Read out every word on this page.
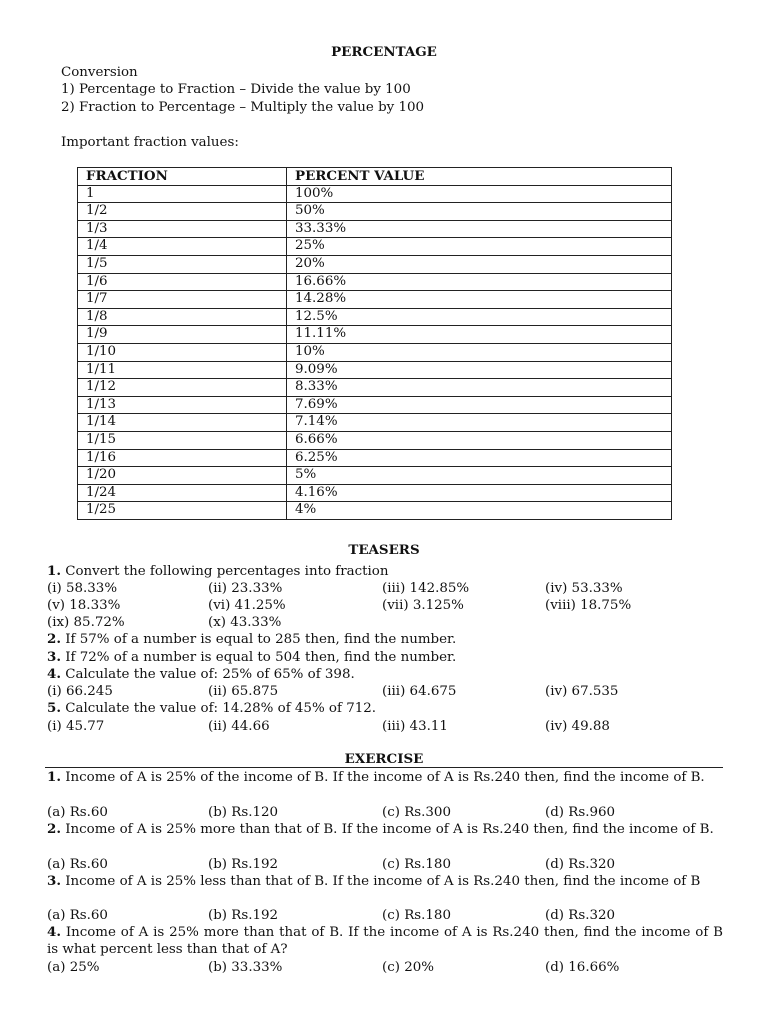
PERCENTAGE
Conversion
1) Percentage to Fraction – Divide the value by 100
2) Fraction to Percentage – Multiply the value by 100
Important fraction values:
FRACTION	PERCENT VALUE
1	100%
1/2	50%
1/3	33.33%
1/4	25%
1/5	20%
1/6	16.66%
1/7	14.28%
1/8	12.5%
1/9	11.11%
1/10	10%
1/11	9.09%
1/12	8.33%
1/13	7.69%
1/14	7.14%
1/15	6.66%
1/16	6.25%
1/20	5%
1/24	4.16%
1/25	4%
TEASERS
1. Convert the following percentages into fraction
(i) 58.33%	(ii) 23.33%	(iii) 142.85%	(iv) 53.33%
(v) 18.33%	(vi) 41.25%	(vii) 3.125%	(viii) 18.75%
(ix) 85.72%	(x) 43.33%
2. If 57% of a number is equal to 285 then, find the number.
3. If 72% of a number is equal to 504 then, find the number.
4. Calculate the value of: 25% of 65% of 398.
(i) 66.245	(ii) 65.875	(iii) 64.675	(iv) 67.535
5. Calculate the value of: 14.28% of 45% of 712.
(i) 45.77	(ii) 44.66	(iii) 43.11	(iv) 49.88
EXERCISE
1. Income of A is 25% of the income of B. If the income of A is Rs.240 then, find the income of B.
(a) Rs.60	(b) Rs.120	(c) Rs.300	(d) Rs.960
2. Income of A is 25% more than that of B. If the income of A is Rs.240 then, find the income of B.
(a) Rs.60	(b) Rs.192	(c) Rs.180	(d) Rs.320
3. Income of A is 25% less than that of B. If the income of A is Rs.240 then, find the income of B
(a) Rs.60	(b) Rs.192	(c) Rs.180	(d) Rs.320
4. Income of A is 25% more than that of B. If the income of A is Rs.240 then, find the income of B is what percent less than that of A?
(a) 25%	(b) 33.33%	(c) 20%	(d) 16.66%
